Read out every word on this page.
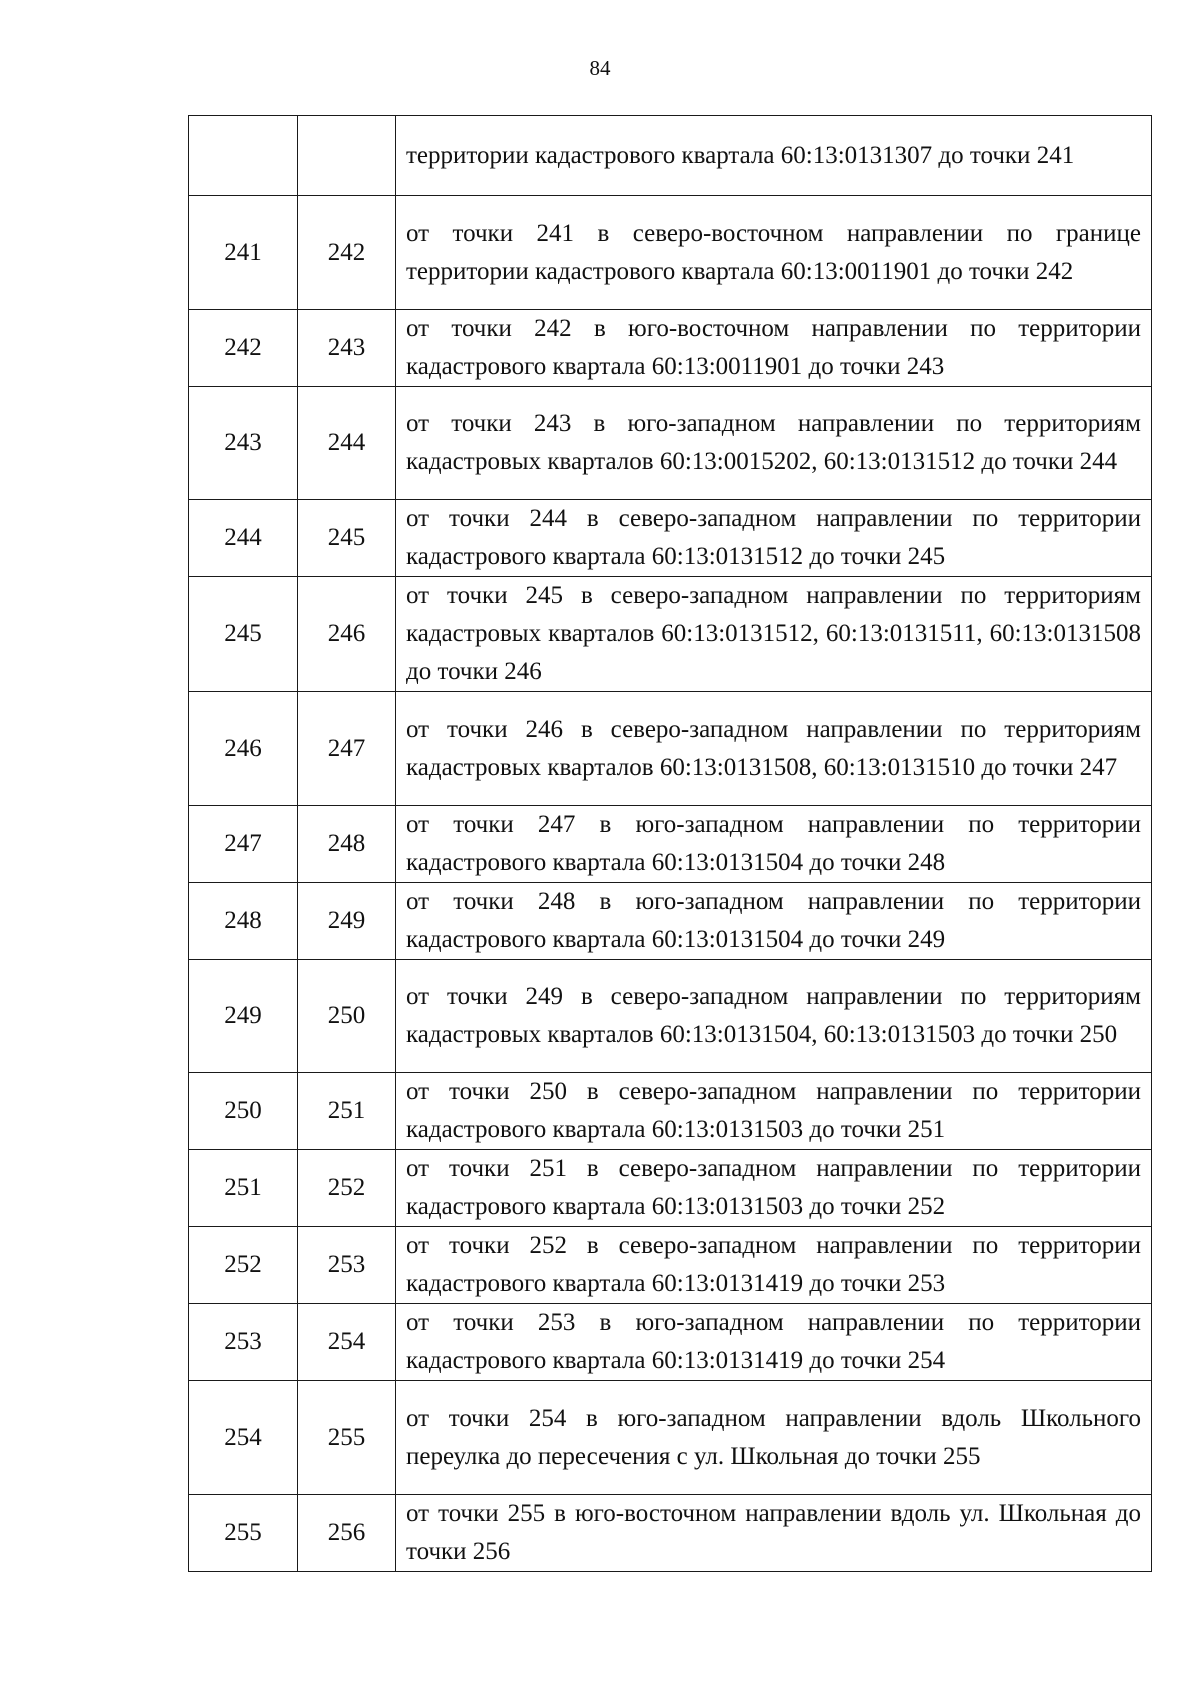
84
		территории кадастрового квартала 60:13:0131307 до точки 241
241	242	от точки 241 в северо-восточном направлении по границе территории кадастрового квартала 60:13:0011901 до точки 242
242	243	от точки 242 в юго-восточном направлении по территории кадастрового квартала 60:13:0011901 до точки 243
243	244	от точки 243 в юго-западном направлении по территориям кадастровых кварталов 60:13:0015202, 60:13:0131512 до точки 244
244	245	от точки 244 в северо-западном направлении по территории кадастрового квартала 60:13:0131512 до точки 245
245	246	от точки 245 в северо-западном направлении по территориям кадастровых кварталов 60:13:0131512, 60:13:0131511, 60:13:0131508 до точки 246
246	247	от точки 246 в северо-западном направлении по территориям кадастровых кварталов 60:13:0131508, 60:13:0131510 до точки 247
247	248	от точки 247 в юго-западном направлении по территории кадастрового квартала 60:13:0131504 до точки 248
248	249	от точки 248 в юго-западном направлении по территории кадастрового квартала 60:13:0131504 до точки 249
249	250	от точки 249 в северо-западном направлении по территориям кадастровых кварталов 60:13:0131504, 60:13:0131503 до точки 250
250	251	от точки 250 в северо-западном направлении по территории кадастрового квартала 60:13:0131503 до точки 251
251	252	от точки 251 в северо-западном направлении по территории кадастрового квартала 60:13:0131503 до точки 252
252	253	от точки 252 в северо-западном направлении по территории кадастрового квартала 60:13:0131419 до точки 253
253	254	от точки 253 в юго-западном направлении по территории кадастрового квартала 60:13:0131419 до точки 254
254	255	от точки 254 в юго-западном направлении вдоль Школьного переулка до пересечения с ул. Школьная до точки 255
255	256	от точки 255 в юго-восточном направлении вдоль ул. Школьная до точки 256
